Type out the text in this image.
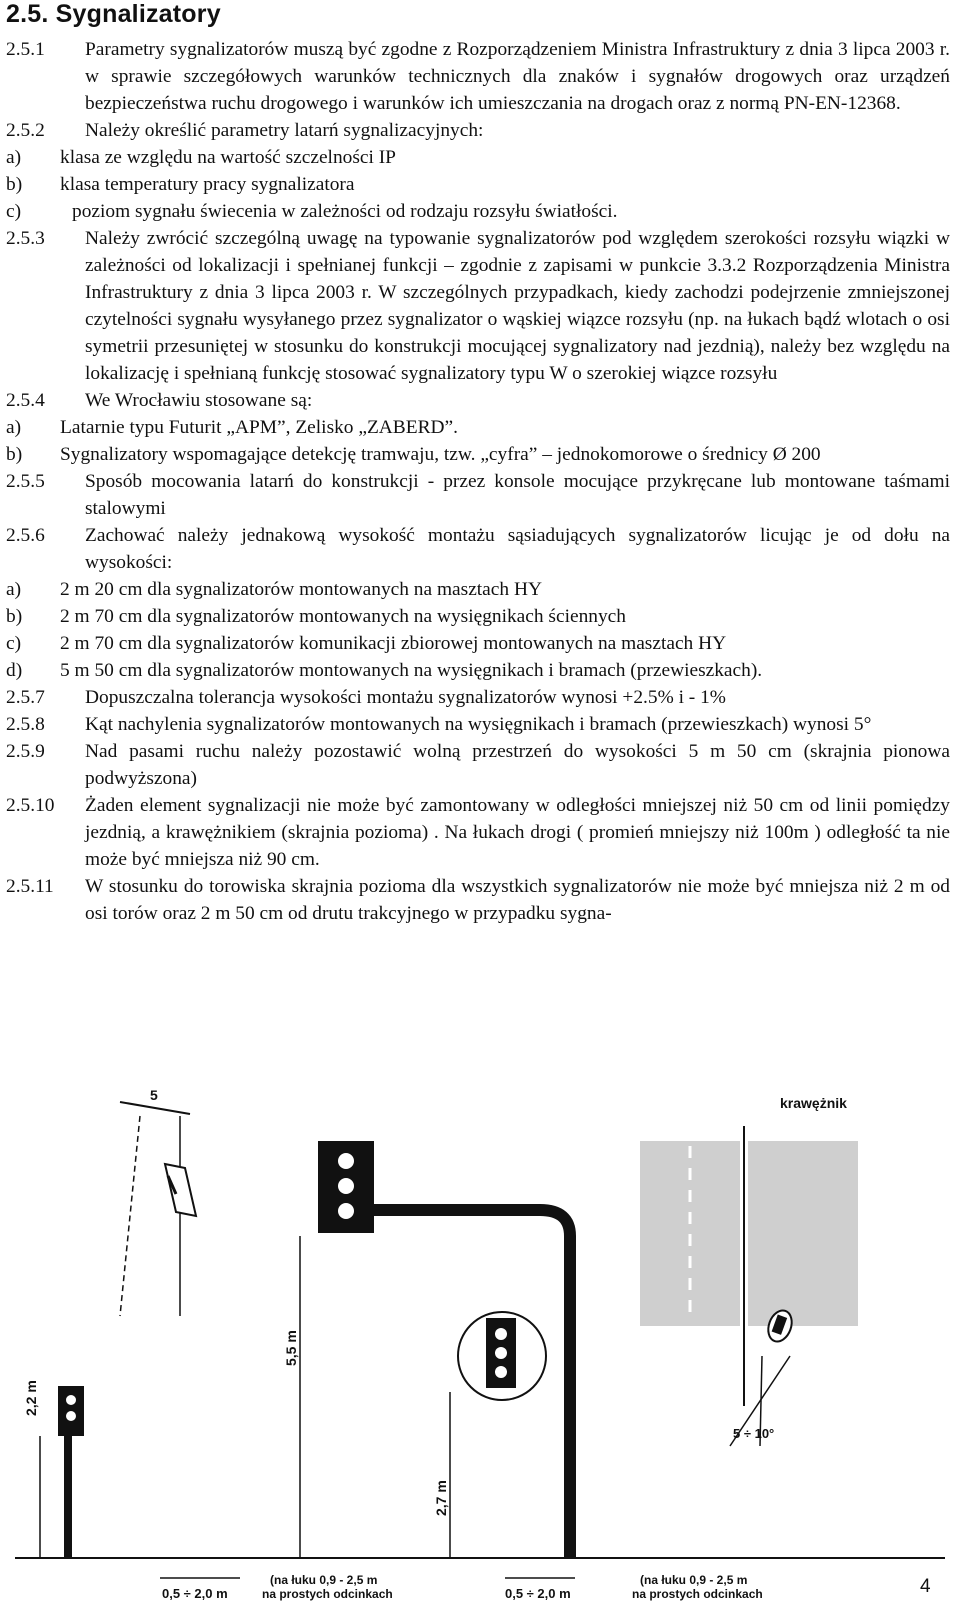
2.5. Sygnalizatory
2.5.1 Parametry sygnalizatorów muszą być zgodne z Rozporządzeniem Ministra Infrastruktury z dnia 3 lipca 2003 r. w sprawie szczegółowych warunków technicznych dla znaków i sygnałów drogowych oraz urządzeń bezpieczeństwa ruchu drogowego i warunków ich umieszczania na drogach oraz z normą PN-EN-12368.
2.5.2 Należy określić parametry latarń sygnalizacyjnych:
a) klasa ze względu na wartość szczelności IP
b) klasa temperatury pracy sygnalizatora
c)	poziom sygnału świecenia w zależności od rodzaju rozsyłu światłości.
2.5.3 Należy zwrócić szczególną uwagę na typowanie sygnalizatorów pod względem szerokości rozsyłu wiązki w zależności od lokalizacji i spełnianej funkcji – zgodnie z zapisami w punkcie 3.3.2 Rozporządzenia Ministra Infrastruktury z dnia 3 lipca 2003 r. W szczególnych przypadkach, kiedy zachodzi podejrzenie zmniejszonej czytelności sygnału wysyłanego przez sygnalizator o wąskiej wiązce rozsyłu (np. na łukach bądź wlotach o osi symetrii przesuniętej w stosunku do konstrukcji mocującej sygnalizatory nad jezdnią), należy bez względu na lokalizację i spełnianą funkcję stosować sygnalizatory typu W o szerokiej wiązce rozsyłu
2.5.4 We Wrocławiu stosowane są:
a) Latarnie typu Futurit „APM”, Zelisko „ZABERD”.
b) Sygnalizatory wspomagające detekcję tramwaju, tzw. „cyfra” – jednokomorowe o średnicy Ø 200
2.5.5 Sposób mocowania latarń do konstrukcji - przez konsole mocujące przykręcane lub montowane taśmami stalowymi
2.5.6 Zachować należy jednakową wysokość montażu sąsiadujących sygnalizatorów licując je od dołu na wysokości:
a) 2 m 20 cm dla sygnalizatorów montowanych na masztach HY
b) 2 m 70 cm dla sygnalizatorów montowanych na wysięgnikach ściennych
c) 2 m 70 cm dla sygnalizatorów komunikacji zbiorowej montowanych na masztach HY
d) 5 m 50 cm dla sygnalizatorów montowanych na wysięgnikach i bramach (przewieszkach).
2.5.7 Dopuszczalna tolerancja wysokości montażu sygnalizatorów wynosi +2.5% i - 1%
2.5.8 Kąt nachylenia sygnalizatorów montowanych na wysięgnikach i bramach (przewieszkach) wynosi 5°
2.5.9 Nad pasami ruchu należy pozostawić wolną przestrzeń do wysokości 5 m 50 cm (skrajnia pionowa podwyższona)
2.5.10 Żaden element sygnalizacji nie może być zamontowany w odległości mniejszej niż 50 cm od linii pomiędzy jezdnią, a krawężnikiem (skrajnia pozioma) . Na łukach drogi ( promień mniejszy niż 100m ) odległość ta nie może być mniejsza niż 90 cm.
2.5.11 W stosunku do torowiska skrajnia pozioma dla wszystkich sygnalizatorów nie może być mniejsza niż 2 m od osi torów oraz 2 m 50 cm od drutu trakcyjnego w przypadku sygna-
5
2,2 m
5,5 m
2,7 m
krawężnik
5 ÷ 10°
0,5 ÷ 2,0 m
(na łuku 0,9 - 2,5 m
na prostych odcinkach	0,5 ÷ 2,0 m
(na łuku 0,9 - 2,5 m
na prostych odcinkach	4
